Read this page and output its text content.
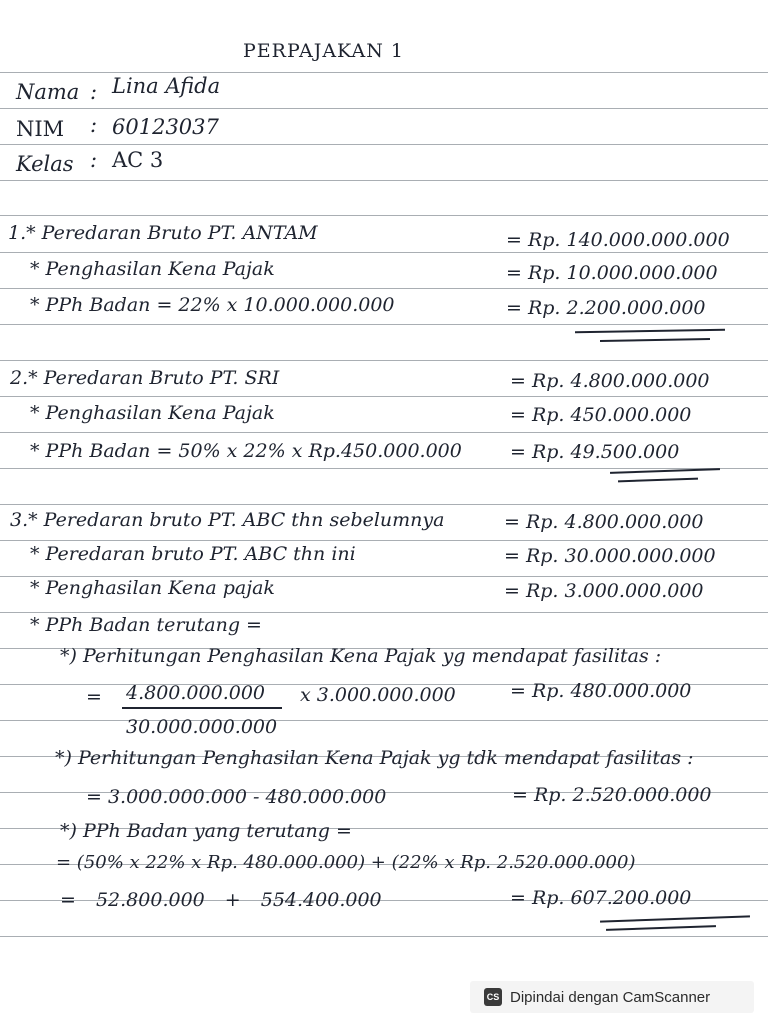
PERPAJAKAN 1
Nama : Lina Afida
NIM : 60123037
Kelas : AC 3
1.* Peredaran Bruto PT. ANTAM	= Rp. 140.000.000.000
* Penghasilan Kena Pajak	= Rp. 10.000.000.000
* PPh Badan = 22% x 10.000.000.000	= Rp. 2.200.000.000
2.* Peredaran Bruto PT. SRI	= Rp. 4.800.000.000
* Penghasilan Kena Pajak	= Rp. 450.000.000
* PPh Badan = 50% x 22% x Rp.450.000.000	= Rp. 49.500.000
3.* Peredaran bruto PT. ABC thn sebelumnya	= Rp. 4.800.000.000
* Peredaran bruto PT. ABC thn ini	= Rp. 30.000.000.000
* Penghasilan Kena pajak	= Rp. 3.000.000.000
* PPh Badan terutang =
*) Perhitungan Penghasilan Kena Pajak yg mendapat fasilitas :
= 4.800.000.000
30.000.000.000
x 3.000.000.000	= Rp. 480.000.000
*) Perhitungan Penghasilan Kena Pajak yg tdk mendapat fasilitas :
= 3.000.000.000 - 480.000.000	= Rp. 2.520.000.000
*) PPh Badan yang terutang =
= (50% x 22% x Rp. 480.000.000) + (22% x Rp. 2.520.000.000)
= 52.800.000 + 554.400.000	= Rp. 607.200.000
CS Dipindai dengan CamScanner
